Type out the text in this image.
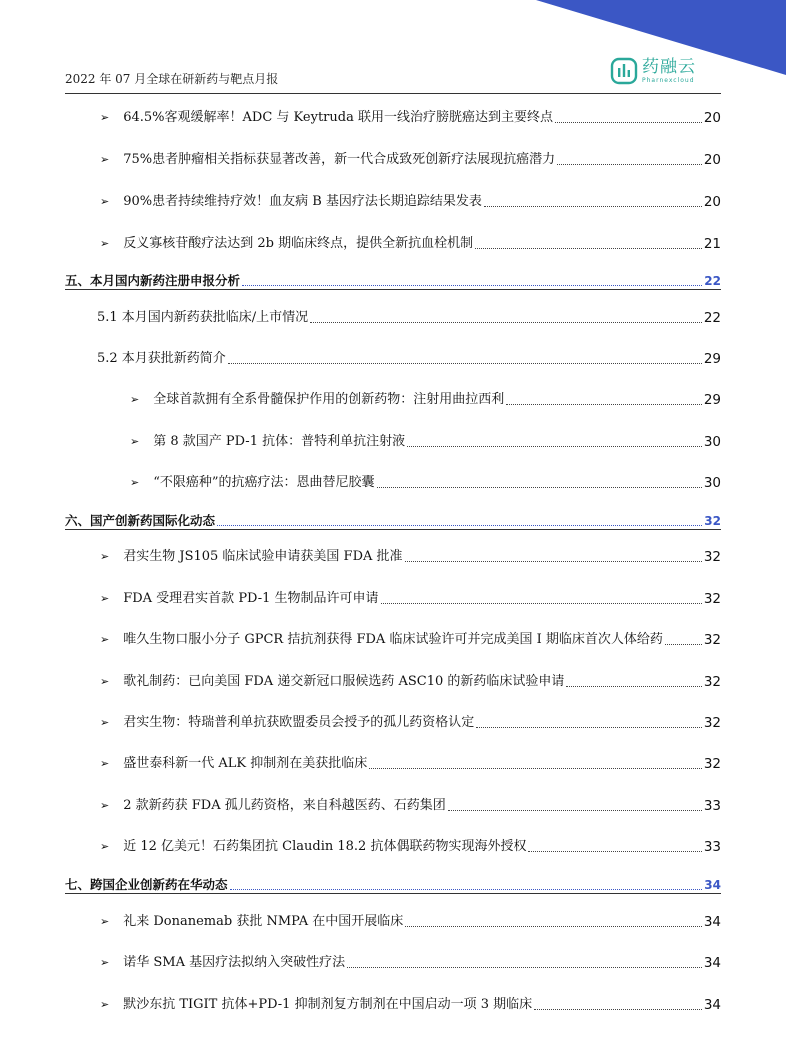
2022 年 07 月全球在研新药与靶点月报
药融云
Pharnexcloud
➢ 64.5%客观缓解率！ADC 与 Keytruda 联用一线治疗膀胱癌达到主要终点	20
➢ 75%患者肿瘤相关指标获显著改善，新一代合成致死创新疗法展现抗癌潜力	20
➢ 90%患者持续维持疗效！血友病 B 基因疗法长期追踪结果发表	20
➢ 反义寡核苷酸疗法达到 2b 期临床终点，提供全新抗血栓机制	21
五、本月国内新药注册申报分析	22
5.1 本月国内新药获批临床/上市情况	22
5.2 本月获批新药简介	29
➢ 全球首款拥有全系骨髓保护作用的创新药物：注射用曲拉西利	29
➢ 第 8 款国产 PD-1 抗体：普特利单抗注射液	30
➢ “不限癌种”的抗癌疗法：恩曲替尼胶囊	30
六、国产创新药国际化动态	32
➢ 君实生物 JS105 临床试验申请获美国 FDA 批准	32
➢ FDA 受理君实首款 PD-1 生物制品许可申请	32
➢ 唯久生物口服小分子 GPCR 拮抗剂获得 FDA 临床试验许可并完成美国 I 期临床首次人体给药	32
➢ 歌礼制药：已向美国 FDA 递交新冠口服候选药 ASC10 的新药临床试验申请	32
➢ 君实生物：特瑞普利单抗获欧盟委员会授予的孤儿药资格认定	32
➢ 盛世泰科新一代 ALK 抑制剂在美获批临床	32
➢ 2 款新药获 FDA 孤儿药资格，来自科越医药、石药集团	33
➢ 近 12 亿美元！石药集团抗 Claudin 18.2 抗体偶联药物实现海外授权	33
七、跨国企业创新药在华动态	34
➢ 礼来 Donanemab 获批 NMPA 在中国开展临床	34
➢ 诺华 SMA 基因疗法拟纳入突破性疗法	34
➢ 默沙东抗 TIGIT 抗体+PD-1 抑制剂复方制剂在中国启动一项 3 期临床	34
